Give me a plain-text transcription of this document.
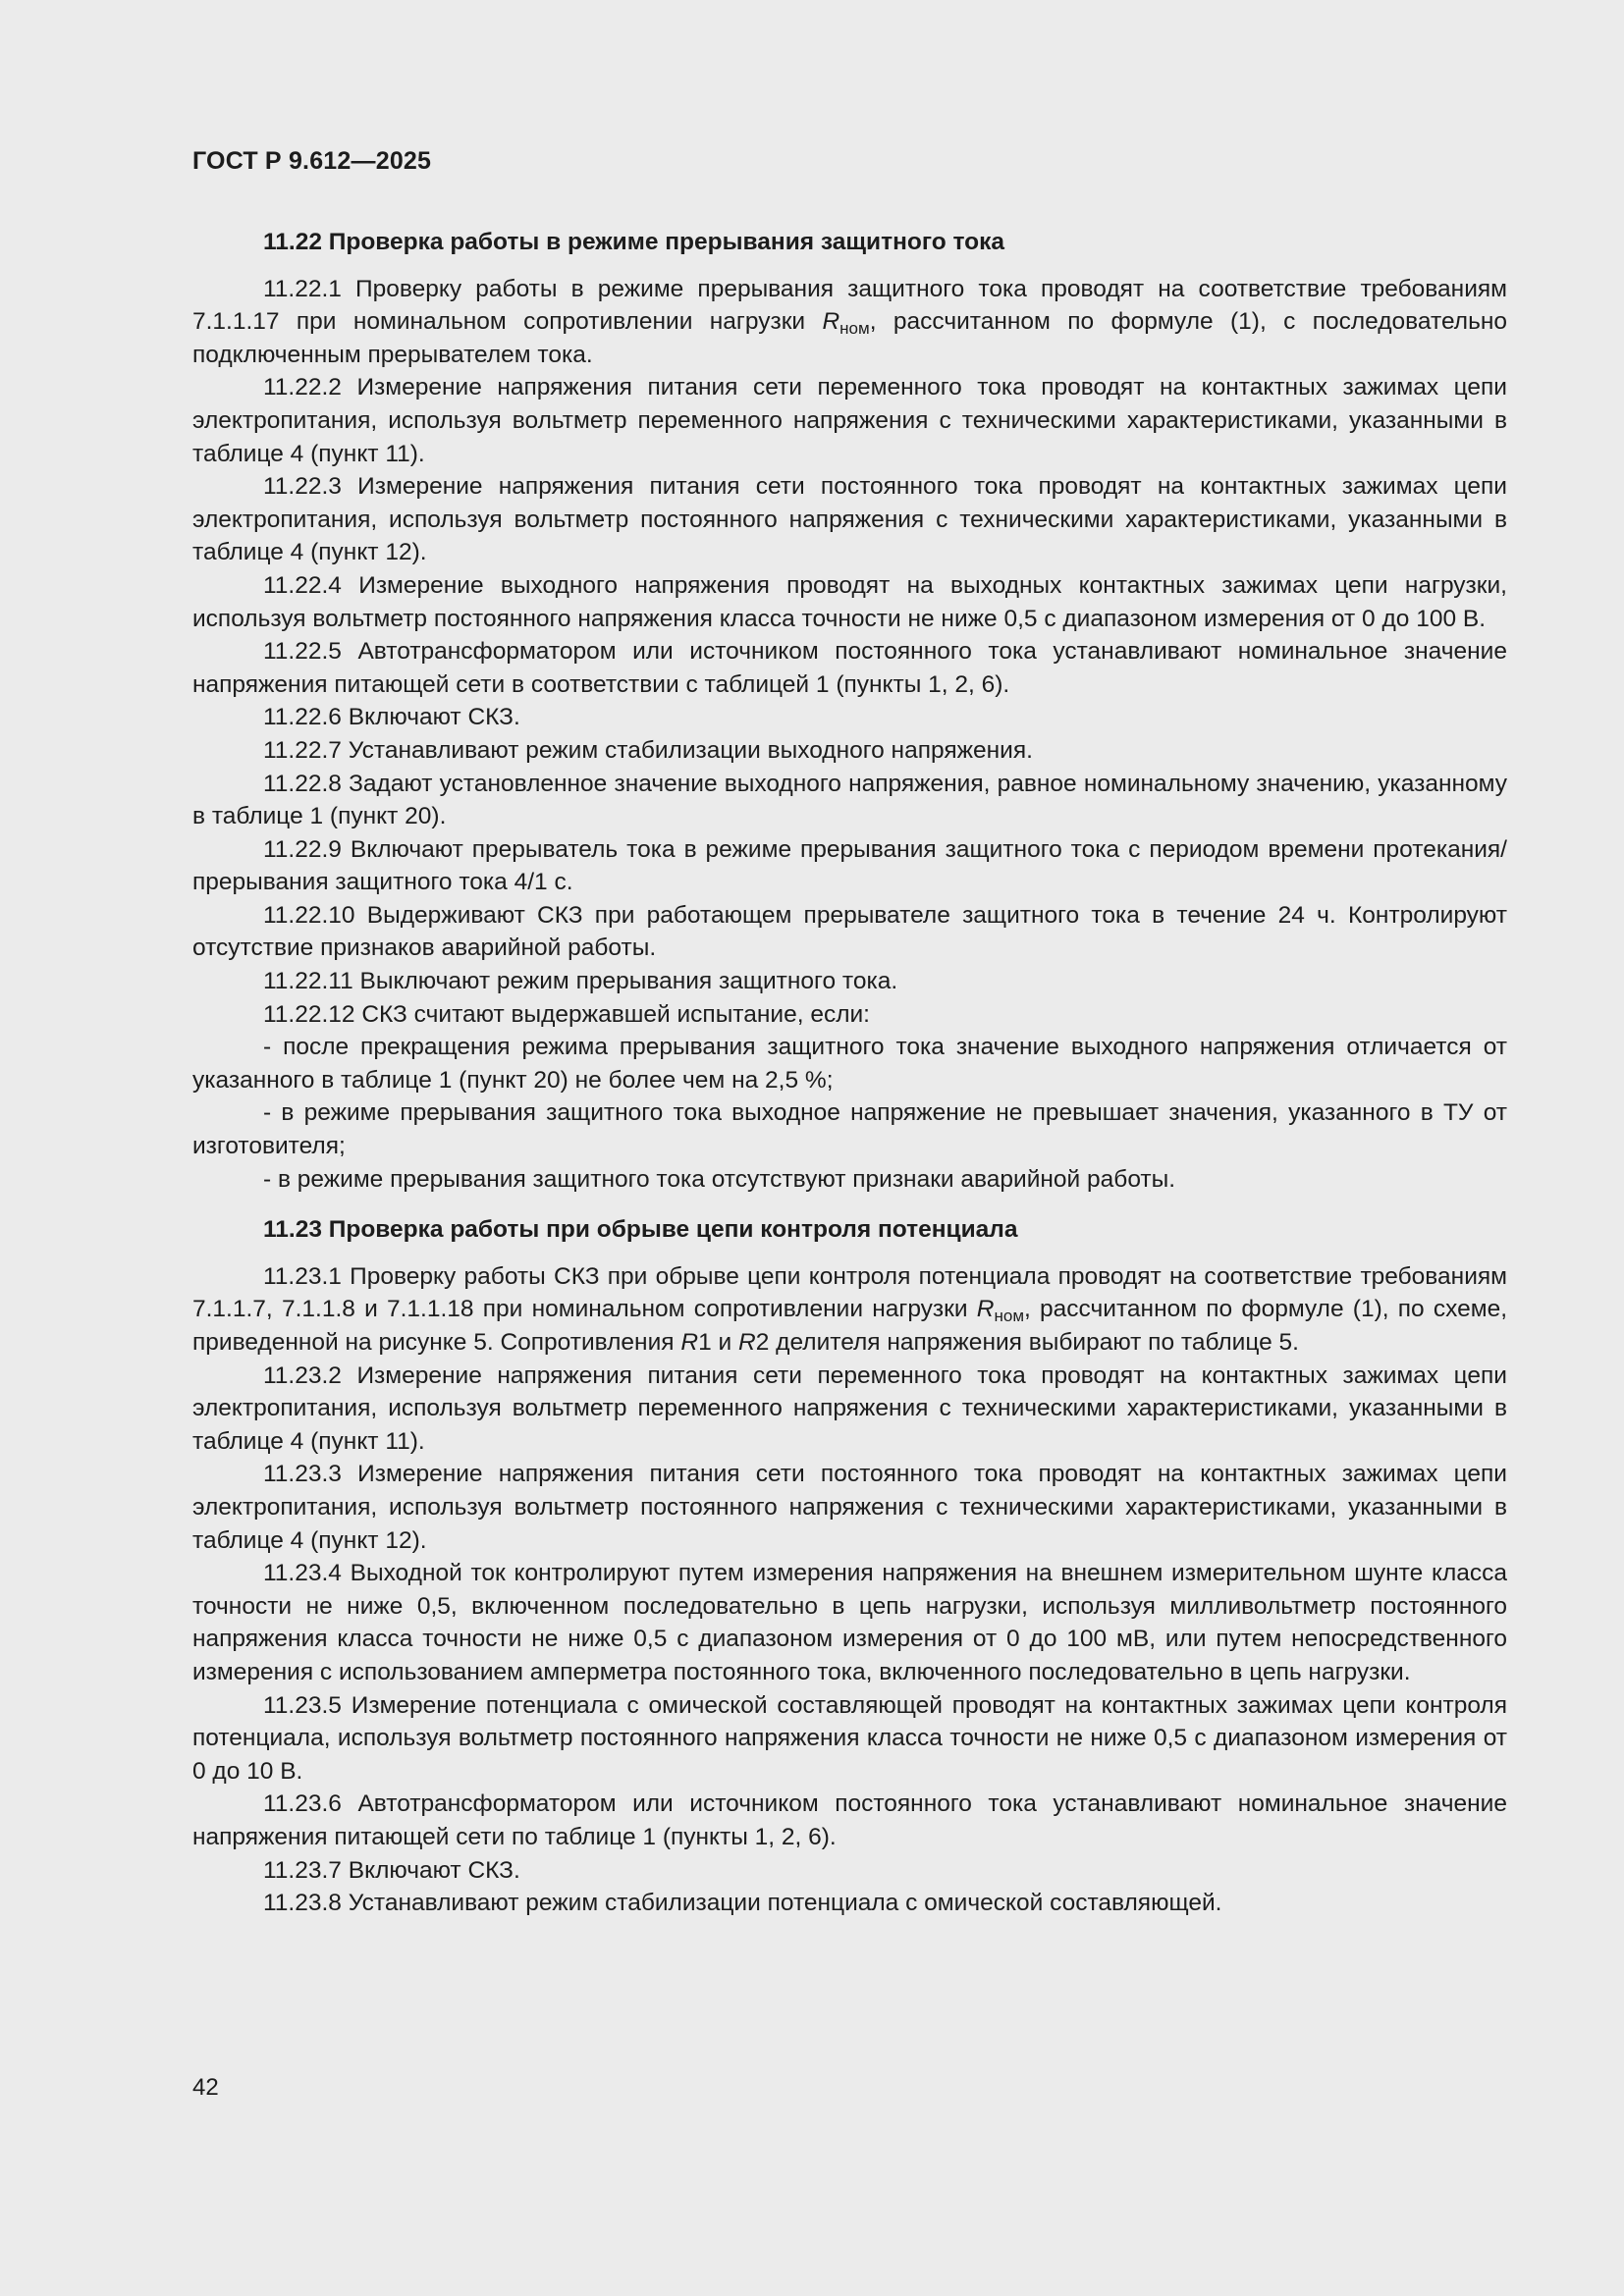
ГОСТ Р 9.612—2025

11.22 Проверка работы в режиме прерывания защитного тока

11.22.1 Проверку работы в режиме прерывания защитного тока проводят на соответствие требованиям 7.1.1.17 при номинальном сопротивлении нагрузки $R_{ном}$, рассчитанном по формуле (1), с последовательно подключенным прерывателем тока.

11.22.2 Измерение напряжения питания сети переменного тока проводят на контактных зажимах цепи электропитания, используя вольтметр переменного напряжения с техническими характеристиками, указанными в таблице 4 (пункт 11).

11.22.3 Измерение напряжения питания сети постоянного тока проводят на контактных зажимах цепи электропитания, используя вольтметр постоянного напряжения с техническими характеристиками, указанными в таблице 4 (пункт 12).

11.22.4 Измерение выходного напряжения проводят на выходных контактных зажимах цепи нагрузки, используя вольтметр постоянного напряжения класса точности не ниже 0,5 с диапазоном измерения от 0 до 100 В.

11.22.5 Автотрансформатором или источником постоянного тока устанавливают номинальное значение напряжения питающей сети в соответствии с таблицей 1 (пункты 1, 2, 6).

11.22.6 Включают СКЗ.

11.22.7 Устанавливают режим стабилизации выходного напряжения.

11.22.8 Задают установленное значение выходного напряжения, равное номинальному значению, указанному в таблице 1 (пункт 20).

11.22.9 Включают прерыватель тока в режиме прерывания защитного тока с периодом времени протекания/прерывания защитного тока 4/1 с.

11.22.10 Выдерживают СКЗ при работающем прерывателе защитного тока в течение 24 ч. Контролируют отсутствие признаков аварийной работы.

11.22.11 Выключают режим прерывания защитного тока.

11.22.12 СКЗ считают выдержавшей испытание, если:

- после прекращения режима прерывания защитного тока значение выходного напряжения отличается от указанного в таблице 1 (пункт 20) не более чем на 2,5 %;

- в режиме прерывания защитного тока выходное напряжение не превышает значения, указанного в ТУ от изготовителя;

- в режиме прерывания защитного тока отсутствуют признаки аварийной работы.

11.23 Проверка работы при обрыве цепи контроля потенциала

11.23.1 Проверку работы СКЗ при обрыве цепи контроля потенциала проводят на соответствие требованиям 7.1.1.7, 7.1.1.8 и 7.1.1.18 при номинальном сопротивлении нагрузки $R_{ном}$, рассчитанном по формуле (1), по схеме, приведенной на рисунке 5. Сопротивления R1 и R2 делителя напряжения выбирают по таблице 5.

11.23.2 Измерение напряжения питания сети переменного тока проводят на контактных зажимах цепи электропитания, используя вольтметр переменного напряжения с техническими характеристиками, указанными в таблице 4 (пункт 11).

11.23.3 Измерение напряжения питания сети постоянного тока проводят на контактных зажимах цепи электропитания, используя вольтметр постоянного напряжения с техническими характеристиками, указанными в таблице 4 (пункт 12).

11.23.4 Выходной ток контролируют путем измерения напряжения на внешнем измерительном шунте класса точности не ниже 0,5, включенном последовательно в цепь нагрузки, используя милливольтметр постоянного напряжения класса точности не ниже 0,5 с диапазоном измерения от 0 до 100 мВ, или путем непосредственного измерения с использованием амперметра постоянного тока, включенного последовательно в цепь нагрузки.

11.23.5 Измерение потенциала с омической составляющей проводят на контактных зажимах цепи контроля потенциала, используя вольтметр постоянного напряжения класса точности не ниже 0,5 с диапазоном измерения от 0 до 10 В.

11.23.6 Автотрансформатором или источником постоянного тока устанавливают номинальное значение напряжения питающей сети по таблице 1 (пункты 1, 2, 6).

11.23.7 Включают СКЗ.

11.23.8 Устанавливают режим стабилизации потенциала с омической составляющей.

42
